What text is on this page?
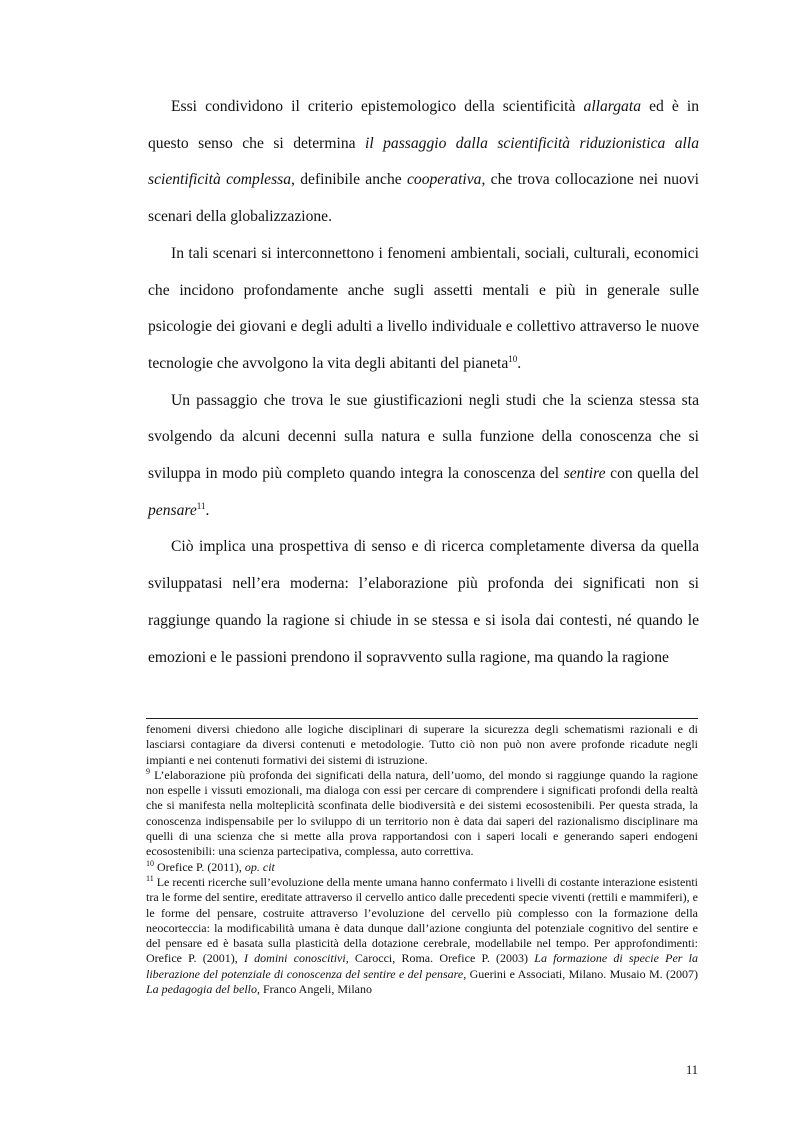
Essi condividono il criterio epistemologico della scientificità allargata ed è in questo senso che si determina il passaggio dalla scientificità riduzionistica alla scientificità complessa, definibile anche cooperativa, che trova collocazione nei nuovi scenari della globalizzazione.

In tali scenari si interconnettono i fenomeni ambientali, sociali, culturali, economici che incidono profondamente anche sugli assetti mentali e più in generale sulle psicologie dei giovani e degli adulti a livello individuale e collettivo attraverso le nuove tecnologie che avvolgono la vita degli abitanti del pianeta$^{10}$.

Un passaggio che trova le sue giustificazioni negli studi che la scienza stessa sta svolgendo da alcuni decenni sulla natura e sulla funzione della conoscenza che si sviluppa in modo più completo quando integra la conoscenza del sentire con quella del pensare$^{11}$.

Ciò implica una prospettiva di senso e di ricerca completamente diversa da quella sviluppatasi nell’era moderna: l’elaborazione più profonda dei significati non si raggiunge quando la ragione si chiude in se stessa e si isola dai contesti, né quando le emozioni e le passioni prendono il sopravvento sulla ragione, ma quando la ragione

fenomeni diversi chiedono alle logiche disciplinari di superare la sicurezza degli schematismi razionali e di lasciarsi contagiare da diversi contenuti e metodologie. Tutto ciò non può non avere profonde ricadute negli impianti e nei contenuti formativi dei sistemi di istruzione.

$^9$ L’elaborazione più profonda dei significati della natura, dell’uomo, del mondo si raggiunge quando la ragione non espelle i vissuti emozionali, ma dialoga con essi per cercare di comprendere i significati profondi della realtà che si manifesta nella molteplicità sconfinata delle biodiversità e dei sistemi ecosostenibili. Per questa strada, la conoscenza indispensabile per lo sviluppo di un territorio non è data dai saperi del razionalismo disciplinare ma quelli di una scienza che si mette alla prova rapportandosi con i saperi locali e generando saperi endogeni ecosostenibili: una scienza partecipativa, complessa, auto correttiva.

$^{10}$ Orefice P. (2011), op. cit

$^{11}$ Le recenti ricerche sull’evoluzione della mente umana hanno confermato i livelli di costante interazione esistenti tra le forme del sentire, ereditate attraverso il cervello antico dalle precedenti specie viventi (rettili e mammiferi), e le forme del pensare, costruite attraverso l’evoluzione del cervello più complesso con la formazione della neocorteccia: la modificabilità umana è data dunque dall’azione congiunta del potenziale cognitivo del sentire e del pensare ed è basata sulla plasticità della dotazione cerebrale, modellabile nel tempo. Per approfondimenti: Orefice P. (2001), I domini conoscitivi, Carocci, Roma. Orefice P. (2003) La formazione di specie Per la liberazione del potenziale di conoscenza del sentire e del pensare, Guerini e Associati, Milano. Musaio M. (2007) La pedagogia del bello, Franco Angeli, Milano

11
